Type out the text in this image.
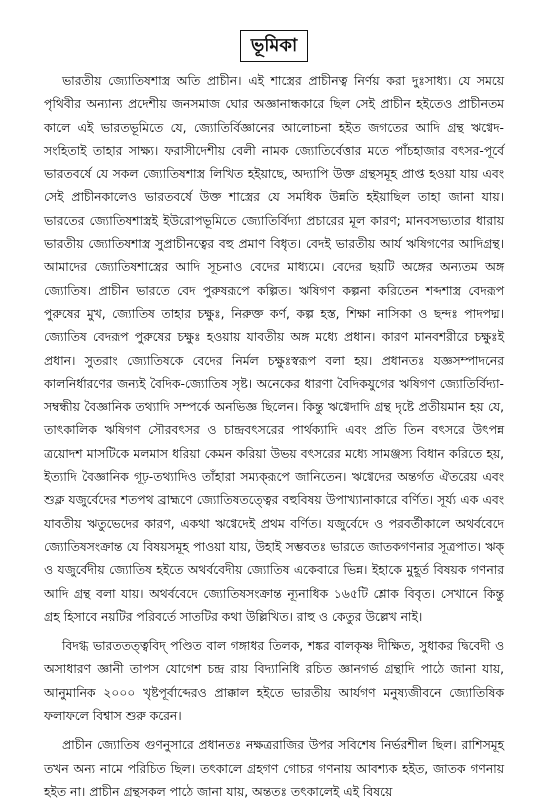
ভূমিকা

ভারতীয় জ্যোতিষশাস্ত্র অতি প্রাচীন। এই শাস্ত্রের প্রাচীনত্ব নির্ণয় করা দুঃসাধ্য। যে সময়ে পৃথিবীর অন্যান্য প্রদেশীয় জনসমাজ ঘোর অজ্ঞানান্ধকারে ছিল সেই প্রাচীন হইতেও প্রাচীনতম কালে এই ভারতভূমিতে যে, জ্যোতির্বিজ্ঞানের আলোচনা হইত জগতের আদি গ্রন্থ ঋগ্বেদ-সংহিতাই তাহার সাক্ষ্য। ফরাসীদেশীয় বেলী নামক জ্যোতির্বেত্তার মতে পাঁচহাজার বৎসর-পূর্বে ভারতবর্ষে যে সকল জ্যোতিষশাস্ত্র লিখিত হইয়াছে, অদ্যাপি উক্ত গ্রন্থসমূহ প্রাপ্ত হওয়া যায় এবং সেই প্রাচীনকালেও ভারতবর্ষে উক্ত শাস্ত্রের যে সমধিক উন্নতি হইয়াছিল তাহা জানা যায়। ভারতের জ্যোতিষশাস্ত্রই ইউরোপভূমিতে জ্যোতির্বিদ্যা প্রচারের মূল কারণ; মানবসভ্যতার ধারায় ভারতীয় জ্যোতিষশাস্ত্র সুপ্রাচীনত্বের বহু প্রমাণ বিধৃত। বেদই ভারতীয় আর্য ঋষিগণের আদিগ্রন্থ। আমাদের জ্যোতিষশাস্ত্রের আদি সূচনাও বেদের মাধ্যমে। বেদের ছয়টি অঙ্গের অন্যতম অঙ্গ জ্যোতিষ। প্রাচীন ভারতে বেদ পুরুষরূপে কল্পিত। ঋষিগণ কল্পনা করিতেন শব্দশাস্ত্র বেদরূপ পুরুষের মুখ, জ্যোতিষ তাহার চক্ষুঃ, নিরুক্ত কর্ণ, কল্প হস্ত, শিক্ষা নাসিকা ও ছন্দঃ পাদপদ্ম। জ্যোতিষ বেদরূপ পুরুষের চক্ষুঃ হওয়ায় যাবতীয় অঙ্গ মধ্যে প্রধান। কারণ মানবশরীরে চক্ষুঃই প্রধান। সুতরাং জ্যোতিষকে বেদের নির্মল চক্ষুঃস্বরূপ বলা হয়। প্রধানতঃ যজ্ঞসম্পাদনের কালনির্ধারণের জন্যই বৈদিক-জ্যোতিষ সৃষ্ট। অনেকের ধারণা বৈদিকযুগের ঋষিগণ জ্যোতির্বিদ্যা-সম্বন্ধীয় বৈজ্ঞানিক তথ্যাদি সম্পর্কে অনভিজ্ঞ ছিলেন। কিন্তু ঋগ্বেদাদি গ্রন্থ দৃষ্টে প্রতীয়মান হয় যে, তাৎকালিক ঋষিগণ সৌরবৎসর ও চান্দ্রবৎসরের পার্থক্যাদি এবং প্রতি তিন বৎসরে উৎপন্ন ত্রয়োদশ মাসটিকে মলমাস ধরিয়া কেমন করিয়া উভয় বৎসরের মধ্যে সামঞ্জস্য বিধান করিতে হয়, ইত্যাদি বৈজ্ঞানিক গূঢ়-তথ্যাদিও তাঁহারা সম্যক্‌রূপে জানিতেন। ঋগ্বেদের অন্তর্গত ঐতরেয় এবং শুক্ল যজুর্বেদের শতপথ ব্রাহ্মণে জ্যোতিষতত্ত্বের বহুবিষয় উপাখ্যানাকারে বর্ণিত। সূর্য্য এক এবং যাবতীয় ঋতুভেদের কারণ, একথা ঋগ্বেদেই প্রথম বর্ণিত। যজুর্বেদে ও পরবর্তীকালে অথর্ববেদে জ্যোতিষসংক্রান্ত যে বিষয়সমূহ পাওয়া যায়, উহাই সম্ভবতঃ ভারতে জাতকগণনার সূত্রপাত। ঋক্‌ ও যজুর্বেদীয় জ্যোতিষ হইতে অথর্ববেদীয় জ্যোতিষ একেবারে ভিন্ন। ইহাকে মুহূর্ত বিষয়ক গণনার আদি গ্রন্থ বলা যায়। অথর্ববেদে জ্যোতিষসংক্রান্ত ন্যূনাধিক ১৬৫টি শ্লোক বিবৃত। সেখানে কিন্তু গ্রহ হিসাবে নয়টির পরিবর্তে সাতটির কথা উল্লিখিত। রাহু ও কেতুর উল্লেখ নাই।

বিদগ্ধ ভারততত্ত্ববিদ্‌ পণ্ডিত বাল গঙ্গাধর তিলক, শঙ্কর বালকৃষ্ণ দীক্ষিত, সুধাকর দ্বিবেদী ও অসাধারণ জ্ঞানী তাপস যোগেশ চন্দ্র রায় বিদ্যানিধি রচিত জ্ঞানগর্ভ গ্রন্থাদি পাঠে জানা যায়, আনুমানিক ২০০০ খৃষ্টপূর্বাব্দেরও প্রাক্কাল হইতে ভারতীয় আর্যগণ মনুষ্যজীবনে জ্যোতিষিক ফলাফলে বিশ্বাস শুরু করেন।

প্রাচীন জ্যোতিষ গুণনুসারে প্রধানতঃ নক্ষত্ররাজির উপর সবিশেষ নির্ভরশীল ছিল। রাশিসমূহ তখন অন্য নামে পরিচিত ছিল। তৎকালে গ্রহগণ গোচর গণনায় আবশ্যক হইত, জাতক গণনায় হইত না। প্রাচীন গ্রন্থসকল পাঠে জানা যায়, অন্ততঃ তৎকালেই এই বিষয়ে
